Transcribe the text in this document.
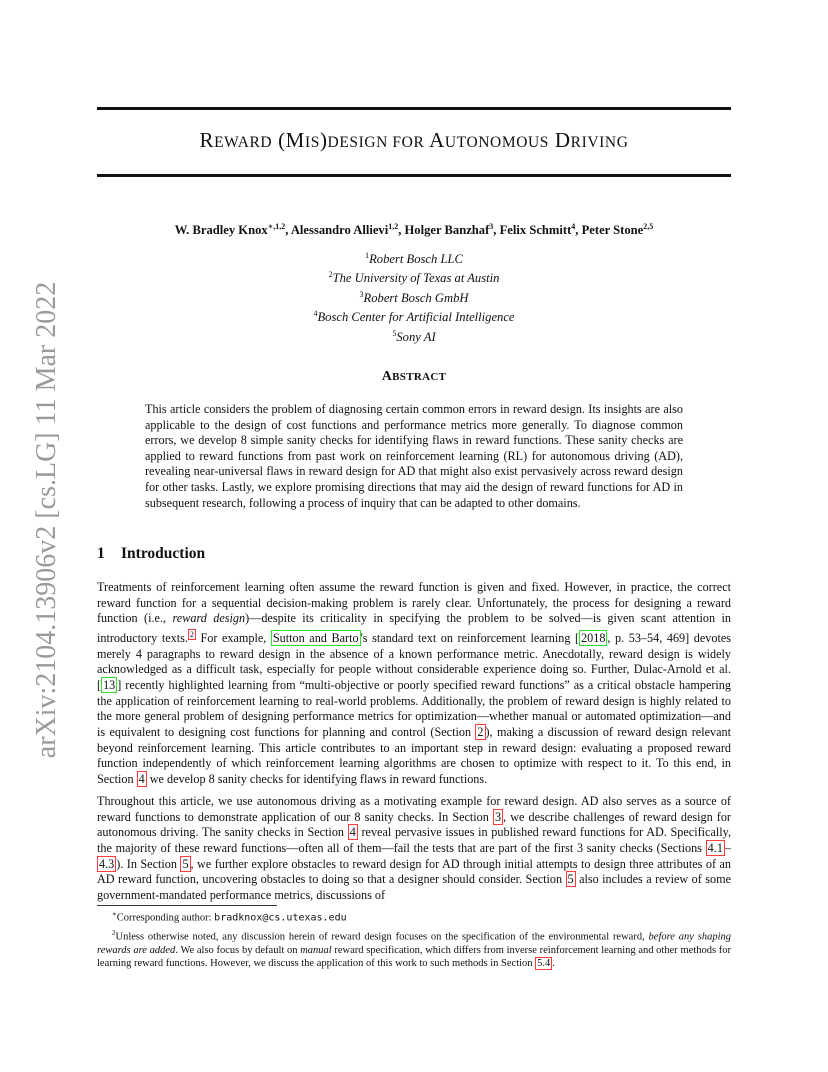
arXiv:2104.13906v2 [cs.LG] 11 Mar 2022
REWARD (MIS)DESIGN FOR AUTONOMOUS DRIVING
W. Bradley Knox$^{∗,1,2}$, Alessandro Allievi$^{1,2}$, Holger Banzhaf$^3$, Felix Schmitt$^4$, Peter Stone$^{2,5}$
$^1$Robert Bosch LLC
$^2$The University of Texas at Austin
$^3$Robert Bosch GmbH
$^4$Bosch Center for Artificial Intelligence
$^5$Sony AI
ABSTRACT
This article considers the problem of diagnosing certain common errors in reward design. Its insights are also applicable to the design of cost functions and performance metrics more generally. To diagnose common errors, we develop 8 simple sanity checks for identifying flaws in reward functions. These sanity checks are applied to reward functions from past work on reinforcement learning (RL) for autonomous driving (AD), revealing near-universal flaws in reward design for AD that might also exist pervasively across reward design for other tasks. Lastly, we explore promising directions that may aid the design of reward functions for AD in subsequent research, following a process of inquiry that can be adapted to other domains.
1 Introduction
Treatments of reinforcement learning often assume the reward function is given and fixed. However, in practice, the correct reward function for a sequential decision-making problem is rarely clear. Unfortunately, the process for designing a reward function (i.e., reward design)—despite its criticality in specifying the problem to be solved—is given scant attention in introductory texts. $^2$ For example, Sutton and Barto 's standard text on reinforcement learning [ 2018 , p. 53–54, 469] devotes merely 4 paragraphs to reward design in the absence of a known performance metric. Anecdotally, reward design is widely acknowledged as a difficult task, especially for people without considerable experience doing so. Further, Dulac-Arnold et al. [ 13 ] recently highlighted learning from “multi-objective or poorly specified reward functions” as a critical obstacle hampering the application of reinforcement learning to real-world problems. Additionally, the problem of reward design is highly related to the more general problem of designing performance metrics for optimization—whether manual or automated optimization—and is equivalent to designing cost functions for planning and control (Section 2 ), making a discussion of reward design relevant beyond reinforcement learning. This article contributes to an important step in reward design: evaluating a proposed reward function independently of which reinforcement learning algorithms are chosen to optimize with respect to it. To this end, in Section 4 we develop 8 sanity checks for identifying flaws in reward functions.
Throughout this article, we use autonomous driving as a motivating example for reward design. AD also serves as a source of reward functions to demonstrate application of our 8 sanity checks. In Section 3 , we describe challenges of reward design for autonomous driving. The sanity checks in Section 4 reveal pervasive issues in published reward functions for AD. Specifically, the majority of these reward functions—often all of them—fail the tests that are part of the first 3 sanity checks (Sections 4.1 –4.3 ). In Section 5 , we further explore obstacles to reward design for AD through initial attempts to design three attributes of an AD reward function, uncovering obstacles to doing so that a designer should consider. Section 5 also includes a review of some government-mandated performance metrics, discussions of

∗Corresponding author: bradknox@cs.utexas.edu

$^2$Unless otherwise noted, any discussion herein of reward design focuses on the specification of the environmental reward, before any shaping rewards are added. We also focus by default on manual reward specification, which differs from inverse reinforcement learning and other methods for learning reward functions. However, we discuss the application of this work to such methods in Section 5.4 .
